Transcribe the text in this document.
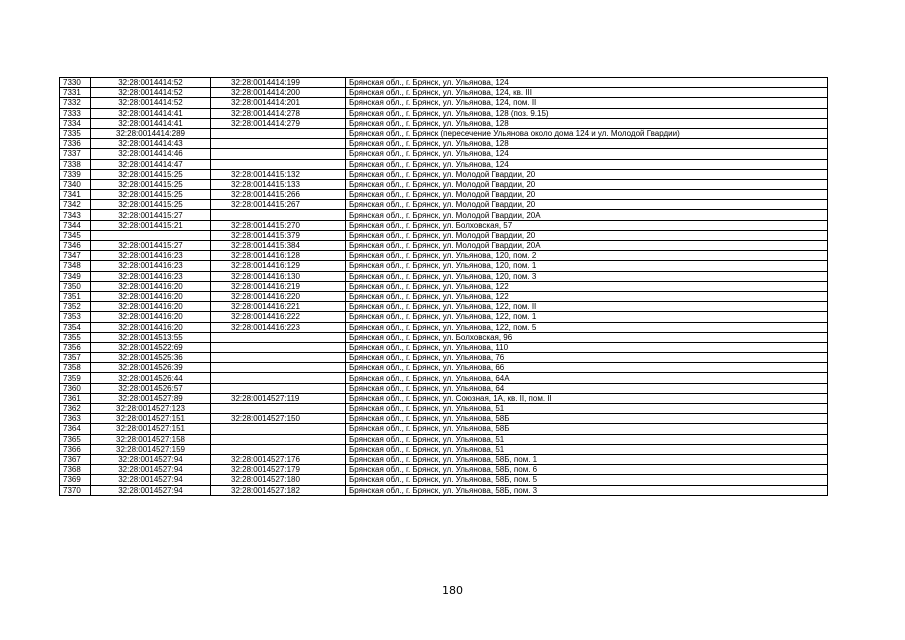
7330	32:28:0014414:52	32:28:0014414:199	Брянская обл., г. Брянск, ул. Ульянова, 124
7331	32:28:0014414:52	32:28:0014414:200	Брянская обл., г. Брянск, ул. Ульянова, 124, кв. III
7332	32:28:0014414:52	32:28:0014414:201	Брянская обл., г. Брянск, ул. Ульянова, 124, пом. II
7333	32:28:0014414:41	32:28:0014414:278	Брянская обл., г. Брянск, ул. Ульянова, 128 (поз. 9.15)
7334	32:28:0014414:41	32:28:0014414:279	Брянская обл., г. Брянск, ул. Ульянова, 128
7335	32:28:0014414:289		Брянская обл., г. Брянск (пересечение Ульянова около дома 124 и ул. Молодой Гвардии)
7336	32:28:0014414:43		Брянская обл., г. Брянск, ул. Ульянова, 128
7337	32:28:0014414:46		Брянская обл., г. Брянск, ул. Ульянова, 124
7338	32:28:0014414:47		Брянская обл., г. Брянск, ул. Ульянова, 124
7339	32:28:0014415:25	32:28:0014415:132	Брянская обл., г. Брянск, ул. Молодой Гвардии, 20
7340	32:28:0014415:25	32:28:0014415:133	Брянская обл., г. Брянск, ул. Молодой Гвардии, 20
7341	32:28:0014415:25	32:28:0014415:266	Брянская обл., г. Брянск, ул. Молодой Гвардии, 20
7342	32:28:0014415:25	32:28:0014415:267	Брянская обл., г. Брянск, ул. Молодой Гвардии, 20
7343	32:28:0014415:27		Брянская обл., г. Брянск, ул. Молодой Гвардии, 20А
7344	32:28:0014415:21	32:28:0014415:270	Брянская обл., г. Брянск, ул. Болховская, 57
7345		32:28:0014415:379	Брянская обл., г. Брянск, ул. Молодой Гвардии, 20
7346	32:28:0014415:27	32:28:0014415:384	Брянская обл., г. Брянск, ул. Молодой Гвардии, 20А
7347	32:28:0014416:23	32:28:0014416:128	Брянская обл., г. Брянск, ул. Ульянова, 120, пом. 2
7348	32:28:0014416:23	32:28:0014416:129	Брянская обл., г. Брянск, ул. Ульянова, 120, пом. 1
7349	32:28:0014416:23	32:28:0014416:130	Брянская обл., г. Брянск, ул. Ульянова, 120, пом. 3
7350	32:28:0014416:20	32:28:0014416:219	Брянская обл., г. Брянск, ул. Ульянова, 122
7351	32:28:0014416:20	32:28:0014416:220	Брянская обл., г. Брянск, ул. Ульянова, 122
7352	32:28:0014416:20	32:28:0014416:221	Брянская обл., г. Брянск, ул. Ульянова, 122, пом. II
7353	32:28:0014416:20	32:28:0014416:222	Брянская обл., г. Брянск, ул. Ульянова, 122, пом. 1
7354	32:28:0014416:20	32:28:0014416:223	Брянская обл., г. Брянск, ул. Ульянова, 122, пом. 5
7355	32:28:0014513:55		Брянская обл., г. Брянск, ул. Болховская, 96
7356	32:28:0014522:69		Брянская обл., г. Брянск, ул. Ульянова, 110
7357	32:28:0014525:36		Брянская обл., г. Брянск, ул. Ульянова, 76
7358	32:28:0014526:39		Брянская обл., г. Брянск, ул. Ульянова, 66
7359	32:28:0014526:44		Брянская обл., г. Брянск, ул. Ульянова, 64А
7360	32:28:0014526:57		Брянская обл., г. Брянск, ул. Ульянова, 64
7361	32:28:0014527:89	32:28:0014527:119	Брянская обл., г. Брянск, ул. Союзная, 1А, кв. II, пом. II
7362	32:28:0014527:123		Брянская обл., г. Брянск, ул. Ульянова, 51
7363	32:28:0014527:151	32:28:0014527:150	Брянская обл., г. Брянск, ул. Ульянова, 58Б
7364	32:28:0014527:151		Брянская обл., г. Брянск, ул. Ульянова, 58Б
7365	32:28:0014527:158		Брянская обл., г. Брянск, ул. Ульянова, 51
7366	32:28:0014527:159		Брянская обл., г. Брянск, ул. Ульянова, 51
7367	32:28:0014527:94	32:28:0014527:176	Брянская обл., г. Брянск, ул. Ульянова, 58Б, пом. 1
7368	32:28:0014527:94	32:28:0014527:179	Брянская обл., г. Брянск, ул. Ульянова, 58Б, пом. 6
7369	32:28:0014527:94	32:28:0014527:180	Брянская обл., г. Брянск, ул. Ульянова, 58Б, пом. 5
7370	32:28:0014527:94	32:28:0014527:182	Брянская обл., г. Брянск, ул. Ульянова, 58Б, пом. 3
180
